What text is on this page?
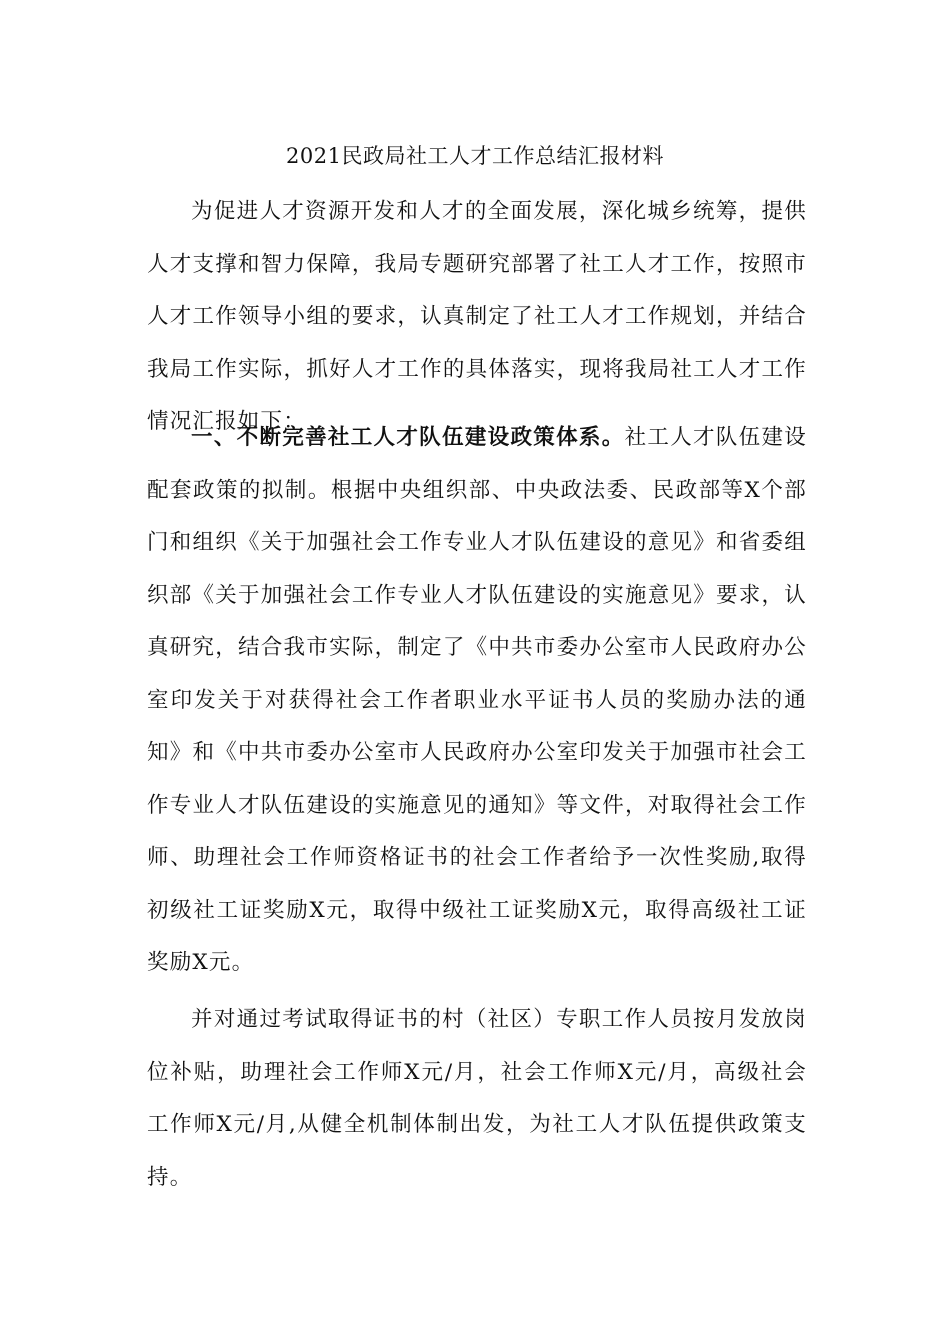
2021民政局社工人才工作总结汇报材料

为促进人才资源开发和人才的全面发展，深化城乡统筹，提供人才支撑和智力保障，我局专题研究部署了社工人才工作，按照市人才工作领导小组的要求，认真制定了社工人才工作规划，并结合我局工作实际，抓好人才工作的具体落实，现将我局社工人才工作情况汇报如下：

一、不断完善社工人才队伍建设政策体系。社工人才队伍建设配套政策的拟制。根据中央组织部、中央政法委、民政部等X个部门和组织《关于加强社会工作专业人才队伍建设的意见》和省委组织部《关于加强社会工作专业人才队伍建设的实施意见》要求，认真研究，结合我市实际，制定了《中共市委办公室市人民政府办公室印发关于对获得社会工作者职业水平证书人员的奖励办法的通知》和《中共市委办公室市人民政府办公室印发关于加强市社会工作专业人才队伍建设的实施意见的通知》等文件，对取得社会工作师、助理社会工作师资格证书的社会工作者给予一次性奖励,取得初级社工证奖励X元，取得中级社工证奖励X元，取得高级社工证奖励X元。

并对通过考试取得证书的村（社区）专职工作人员按月发放岗位补贴，助理社会工作师X元/月，社会工作师X元/月，高级社会工作师X元/月,从健全机制体制出发，为社工人才队伍提供政策支持。
